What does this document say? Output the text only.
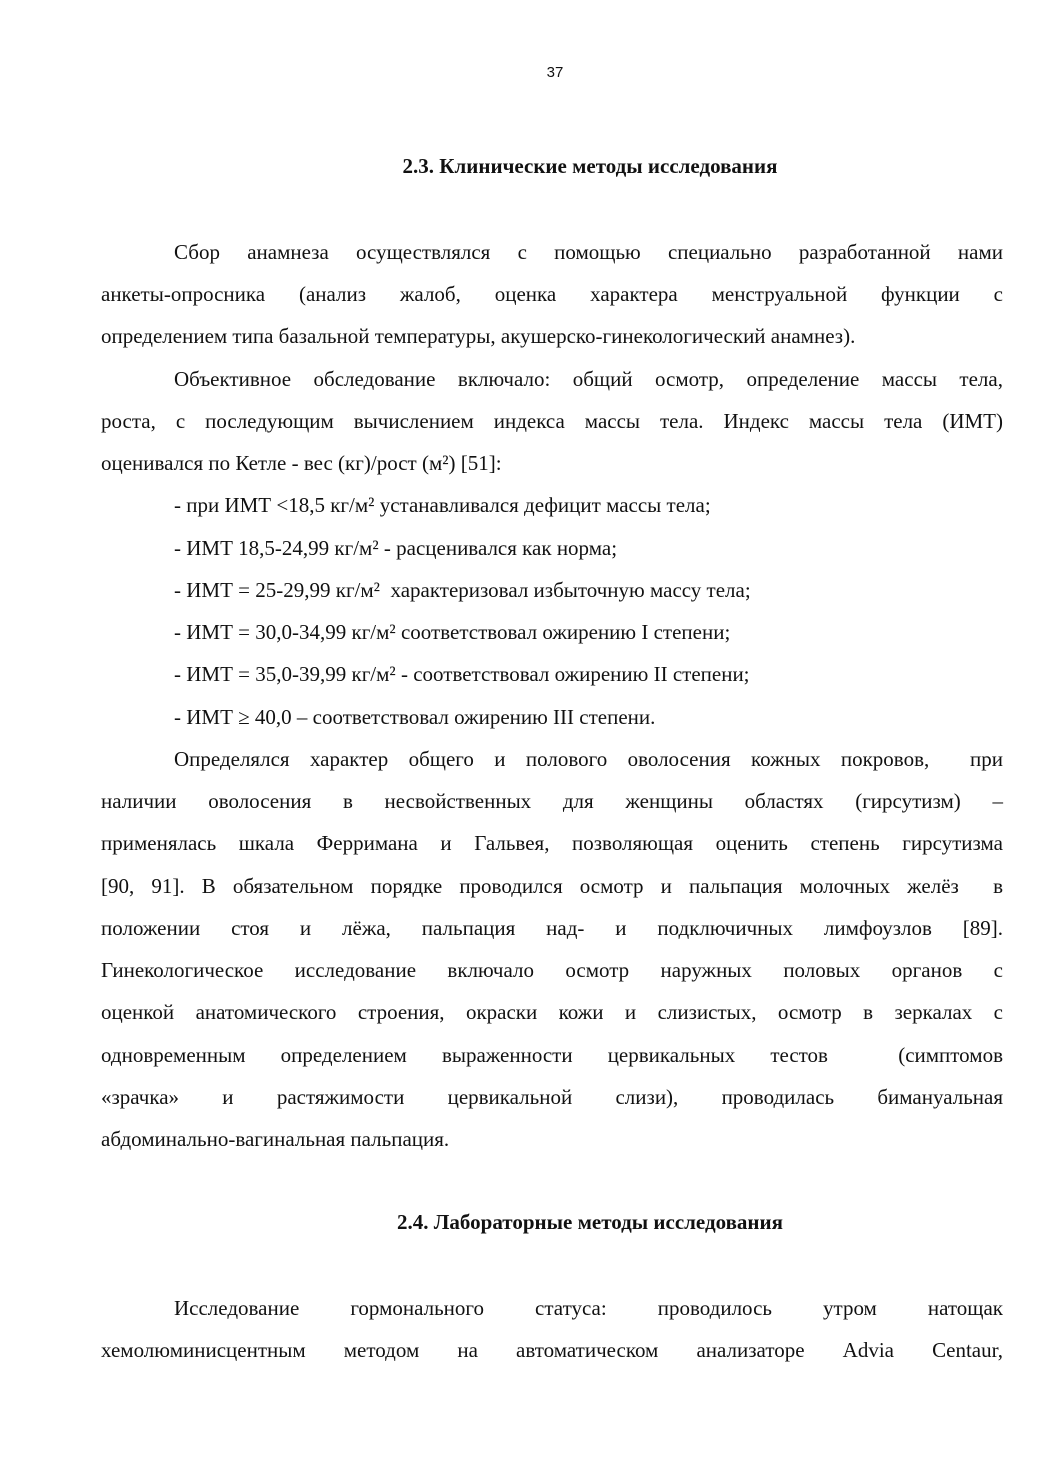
37
2.3. Клинические методы исследования
Сбор анамнеза осуществлялся с помощью специально разработанной нами
анкеты-опросника (анализ жалоб, оценка характера менструальной функции с
определением типа базальной температуры, акушерско-гинекологический анамнез).
Объективное обследование включало: общий осмотр, определение массы тела,
роста, с последующим вычислением индекса массы тела. Индекс массы тела (ИМТ)
оценивался по Кетле - вес (кг)/рост (м²) [51]:
- при ИМТ <18,5 кг/м² устанавливался дефицит массы тела;
- ИМТ 18,5-24,99 кг/м² - расценивался как норма;
- ИМТ = 25-29,99 кг/м²  характеризовал избыточную массу тела;
- ИМТ = 30,0-34,99 кг/м² соответствовал ожирению I степени;
- ИМТ = 35,0-39,99 кг/м² - соответствовал ожирению II степени;
- ИМТ ≥ 40,0 – соответствовал ожирению III степени.
Определялся характер общего и полового оволосения кожных покровов,  при
наличии оволосения в несвойственных для женщины областях (гирсутизм) –
применялась шкала Ферримана и Гальвея, позволяющая оценить степень гирсутизма
[90, 91]. В обязательном порядке проводился осмотр и пальпация молочных желёз  в
положении стоя и лёжа, пальпация над- и подключичных лимфоузлов [89].
Гинекологическое исследование включало осмотр наружных половых органов с
оценкой анатомического строения, окраски кожи и слизистых, осмотр в зеркалах с
одновременным определением выраженности цервикальных тестов  (симптомов
«зрачка» и растяжимости цервикальной слизи), проводилась бимануальная
абдоминально-вагинальная пальпация.
2.4. Лабораторные методы исследования
Исследование гормонального статуса: проводилось утром натощак
хемолюминисцентным методом на автоматическом анализаторе Advia Centaur,
